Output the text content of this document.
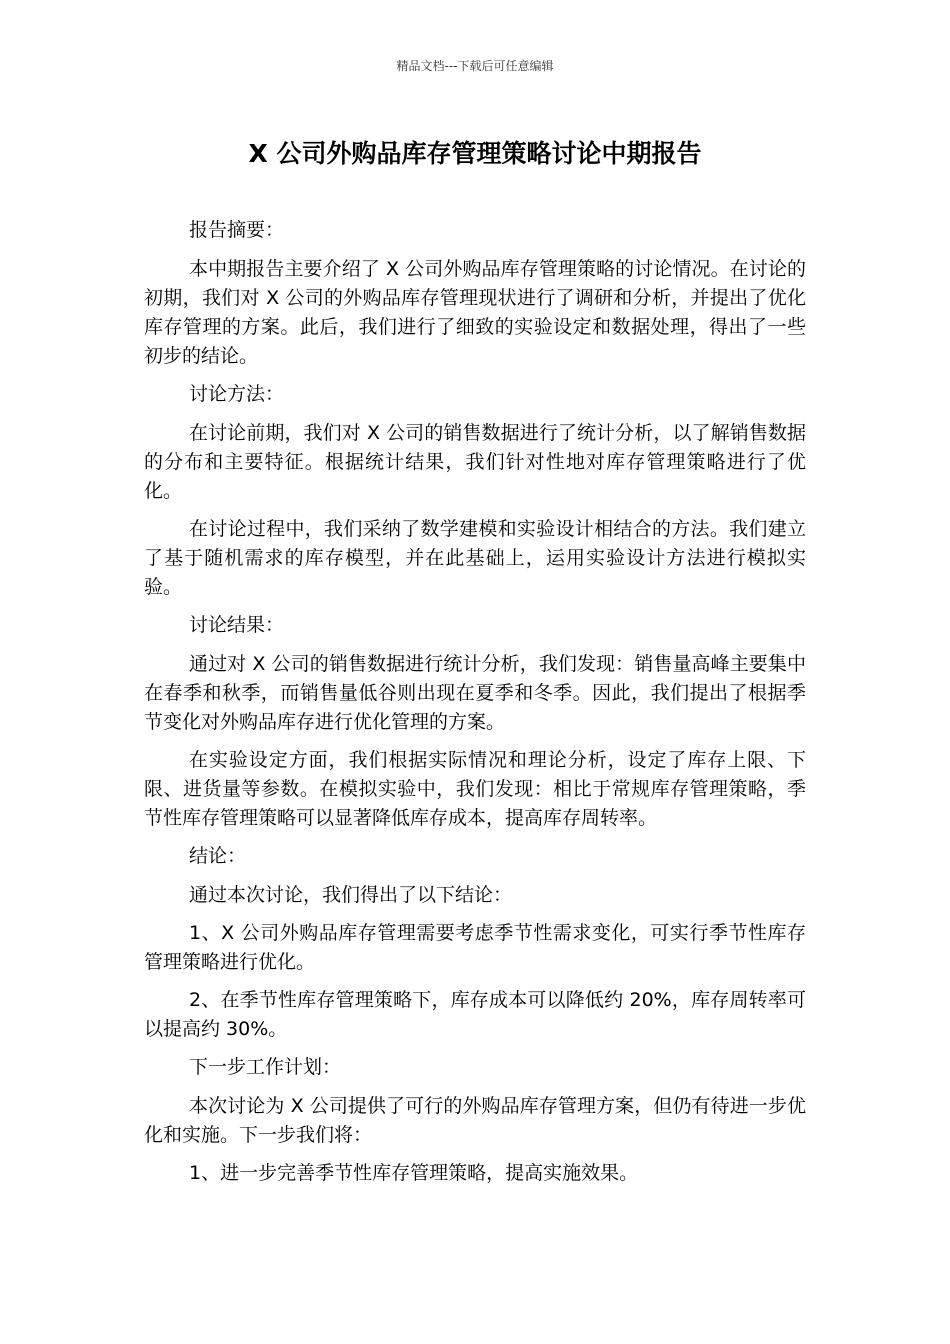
精品文档---下载后可任意编辑
X 公司外购品库存管理策略讨论中期报告

报告摘要：

本中期报告主要介绍了 X 公司外购品库存管理策略的讨论情况。在讨论的初期，我们对 X 公司的外购品库存管理现状进行了调研和分析，并提出了优化库存管理的方案。此后，我们进行了细致的实验设定和数据处理，得出了一些初步的结论。

讨论方法：

在讨论前期，我们对 X 公司的销售数据进行了统计分析，以了解销售数据的分布和主要特征。根据统计结果，我们针对性地对库存管理策略进行了优化。

在讨论过程中，我们采纳了数学建模和实验设计相结合的方法。我们建立了基于随机需求的库存模型，并在此基础上，运用实验设计方法进行模拟实验。

讨论结果：

通过对 X 公司的销售数据进行统计分析，我们发现：销售量高峰主要集中在春季和秋季，而销售量低谷则出现在夏季和冬季。因此，我们提出了根据季节变化对外购品库存进行优化管理的方案。

在实验设定方面，我们根据实际情况和理论分析，设定了库存上限、下限、进货量等参数。在模拟实验中，我们发现：相比于常规库存管理策略，季节性库存管理策略可以显著降低库存成本，提高库存周转率。

结论：

通过本次讨论，我们得出了以下结论：

1、X 公司外购品库存管理需要考虑季节性需求变化，可实行季节性库存管理策略进行优化。

2、在季节性库存管理策略下，库存成本可以降低约 20%，库存周转率可以提高约 30%。

下一步工作计划：

本次讨论为 X 公司提供了可行的外购品库存管理方案，但仍有待进一步优化和实施。下一步我们将：

1、进一步完善季节性库存管理策略，提高实施效果。
